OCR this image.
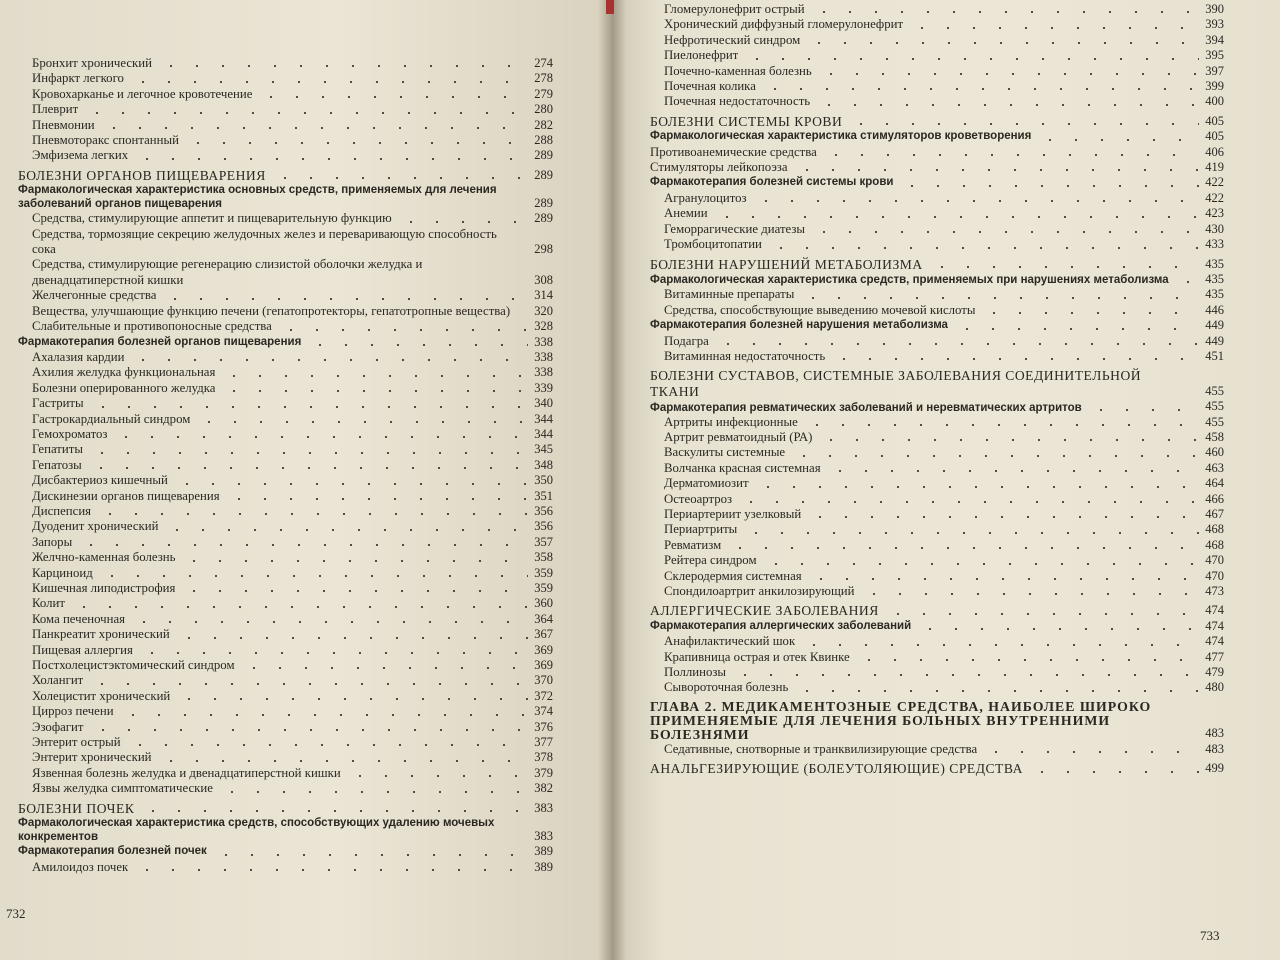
Бронхит хронический	274
Инфаркт легкого	278
Кровохарканье и легочное кровотечение	279
Плеврит	280
Пневмонии	282
Пневмоторакс спонтанный	288
Эмфизема легких	289
БОЛЕЗНИ ОРГАНОВ ПИЩЕВАРЕНИЯ	289
Фармакологическая характеристика основных средств, применяемых для лечения заболеваний органов пищеварения	289
Средства, стимулирующие аппетит и пищеварительную функцию	289
Средства, тормозящие секрецию желудочных желез и переваривающую способность сока	298
Средства, стимулирующие регенерацию слизистой оболочки желудка и двенадцатиперстной кишки	308
Желчегонные средства	314
Вещества, улучшающие функцию печени (гепатопротекторы, гепатотропные вещества) 320
Слабительные и противопоносные средства	328
Фармакотерапия болезней органов пищеварения	338
Ахалазия кардии	338
Ахилия желудка функциональная	338
Болезни оперированного желудка	339
Гастриты	340
Гастрокардиальный синдром	344
Гемохроматоз	344
Гепатиты	345
Гепатозы	348
Дисбактериоз кишечный	350
Дискинезии органов пищеварения	351
Диспепсия	356
Дуоденит хронический	356
Запоры	357
Желчно-каменная болезнь	358
Карциноид	359
Кишечная липодистрофия	359
Колит	360
Кома печеночная	364
Панкреатит хронический	367
Пищевая аллергия	369
Постхолецистэктомический синдром	369
Холангит	370
Холецистит хронический	372
Цирроз печени	374
Эзофагит	376
Энтерит острый	377
Энтерит хронический	378
Язвенная болезнь желудка и двенадцатиперстной кишки	379
Язвы желудка симптоматические	382
БОЛЕЗНИ ПОЧЕК	383
Фармакологическая характеристика средств, способствующих удалению мочевых конкрементов	383
Фармакотерапия болезней почек	389
Амилоидоз почек	389
732
Гломерулонефрит острый	390
Хронический диффузный гломерулонефрит	393
Нефротический синдром	394
Пиелонефрит	395
Почечно-каменная болезнь	397
Почечная колика	399
Почечная недостаточность	400
БОЛЕЗНИ СИСТЕМЫ КРОВИ	405
Фармакологическая характеристика стимуляторов кроветворения	405
Противоанемические средства	406
Стимуляторы лейкопоэза	419
Фармакотерапия болезней системы крови	422
Агранулоцитоз	422
Анемии	423
Геморрагические диатезы	430
Тромбоцитопатии	433
БОЛЕЗНИ НАРУШЕНИЙ МЕТАБОЛИЗМА	435
Фармакологическая характеристика средств, применяемых при нарушениях метаболизма	435
Витаминные препараты	435
Средства, способствующие выведению мочевой кислоты	446
Фармакотерапия болезней нарушения метаболизма	449
Подагра	449
Витаминная недостаточность	451
БОЛЕЗНИ СУСТАВОВ, СИСТЕМНЫЕ ЗАБОЛЕВАНИЯ СОЕДИНИТЕЛЬНОЙ ТКАНИ	455
Фармакотерапия ревматических заболеваний и неревматических артритов	455
Артриты инфекционные	455
Артрит ревматоидный (РА)	458
Васкулиты системные	460
Волчанка красная системная	463
Дерматомиозит	464
Остеоартроз	466
Периартериит узелковый	467
Периартриты	468
Ревматизм	468
Рейтера синдром	470
Склеродермия системная	470
Спондилоартрит анкилозирующий	473
АЛЛЕРГИЧЕСКИЕ ЗАБОЛЕВАНИЯ	474
Фармакотерапия аллергических заболеваний	474
Анафилактический шок	474
Крапивница острая и отек Квинке	477
Поллинозы	479
Сывороточная болезнь	480
ГЛАВА 2. МЕДИКАМЕНТОЗНЫЕ СРЕДСТВА, НАИБОЛЕЕ ШИРОКО ПРИМЕНЯЕМЫЕ ДЛЯ ЛЕЧЕНИЯ БОЛЬНЫХ ВНУТРЕННИМИ БОЛЕЗНЯМИ	483
Седативные, снотворные и транквилизирующие средства	483
АНАЛЬГЕЗИРУЮЩИЕ (БОЛЕУТОЛЯЮЩИЕ) СРЕДСТВА	499
733
